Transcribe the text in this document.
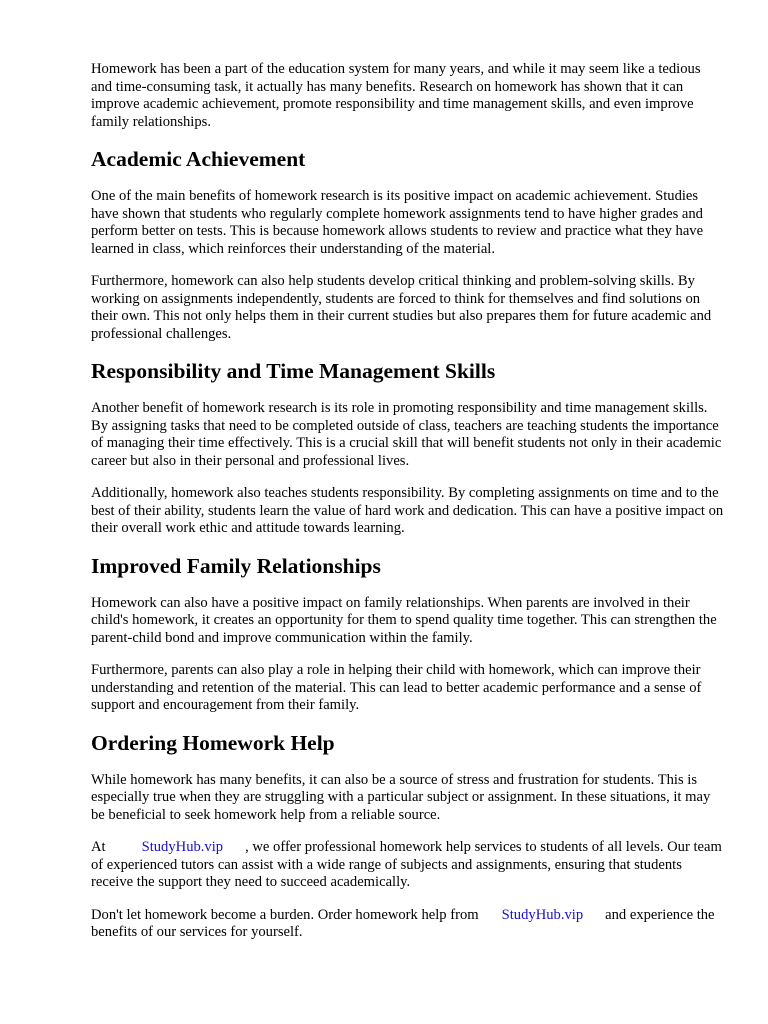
Homework has been a part of the education system for many years, and while it may seem like a tedious and time-consuming task, it actually has many benefits. Research on homework has shown that it can improve academic achievement, promote responsibility and time management skills, and even improve family relationships.

Academic Achievement

One of the main benefits of homework research is its positive impact on academic achievement. Studies have shown that students who regularly complete homework assignments tend to have higher grades and perform better on tests. This is because homework allows students to review and practice what they have learned in class, which reinforces their understanding of the material.

Furthermore, homework can also help students develop critical thinking and problem-solving skills. By working on assignments independently, students are forced to think for themselves and find solutions on their own. This not only helps them in their current studies but also prepares them for future academic and professional challenges.

Responsibility and Time Management Skills

Another benefit of homework research is its role in promoting responsibility and time management skills. By assigning tasks that need to be completed outside of class, teachers are teaching students the importance of managing their time effectively. This is a crucial skill that will benefit students not only in their academic career but also in their personal and professional lives.

Additionally, homework also teaches students responsibility. By completing assignments on time and to the best of their ability, students learn the value of hard work and dedication. This can have a positive impact on their overall work ethic and attitude towards learning.

Improved Family Relationships

Homework can also have a positive impact on family relationships. When parents are involved in their child's homework, it creates an opportunity for them to spend quality time together. This can strengthen the parent-child bond and improve communication within the family.

Furthermore, parents can also play a role in helping their child with homework, which can improve their understanding and retention of the material. This can lead to better academic performance and a sense of support and encouragement from their family.

Ordering Homework Help

While homework has many benefits, it can also be a source of stress and frustration for students. This is especially true when they are struggling with a particular subject or assignment. In these situations, it may be beneficial to seek homework help from a reliable source.

At StudyHub.vip , we offer professional homework help services to students of all levels. Our team of experienced tutors can assist with a wide range of subjects and assignments, ensuring that students receive the support they need to succeed academically.

Don't let homework become a burden. Order homework help from StudyHub.vip and experience the benefits of our services for yourself.
